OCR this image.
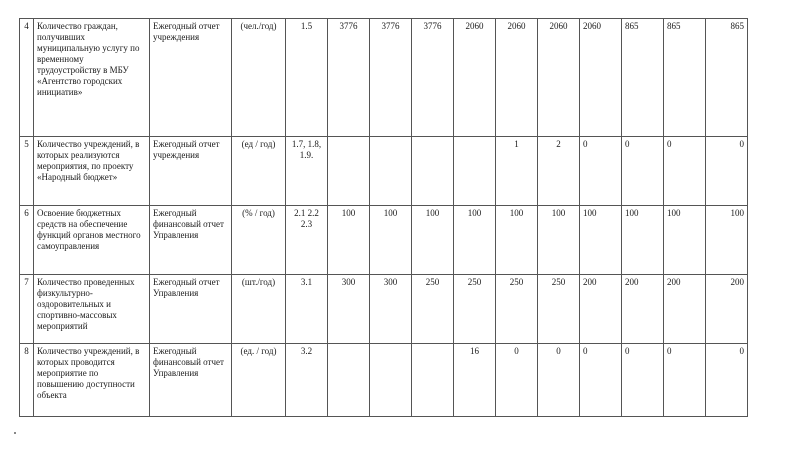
4	Количество граждан, получивших муниципальную услугу по временному трудоустройству в МБУ «Агентство городских инициатив»	Ежегодный отчет учреждения	(чел./год)	1.5	3776	3776	3776	2060	2060	2060	2060	865	865	865
5	Количество учреждений, в которых реализуются мероприятия, по проекту «Народный бюджет»	Ежегодный отчет учреждения	(ед / год)	1.7, 1.8, 1.9.					1	2	0	0	0	0
6	Освоение бюджетных средств на обеспечение функций органов местного самоуправления	Ежегодный финансовый отчет Управления	(% / год)	2.1 2.2 2.3	100	100	100	100	100	100	100	100	100	100
7	Количество проведенных физкультурно-оздоровительных и спортивно-массовых мероприятий	Ежегодный отчет Управления	(шт./год)	3.1	300	300	250	250	250	250	200	200	200	200
8	Количество учреждений, в которых проводится мероприятие по повышению доступности объекта	Ежегодный финансовый отчет Управления	(ед. / год)	3.2				16	0	0	0	0	0	0
